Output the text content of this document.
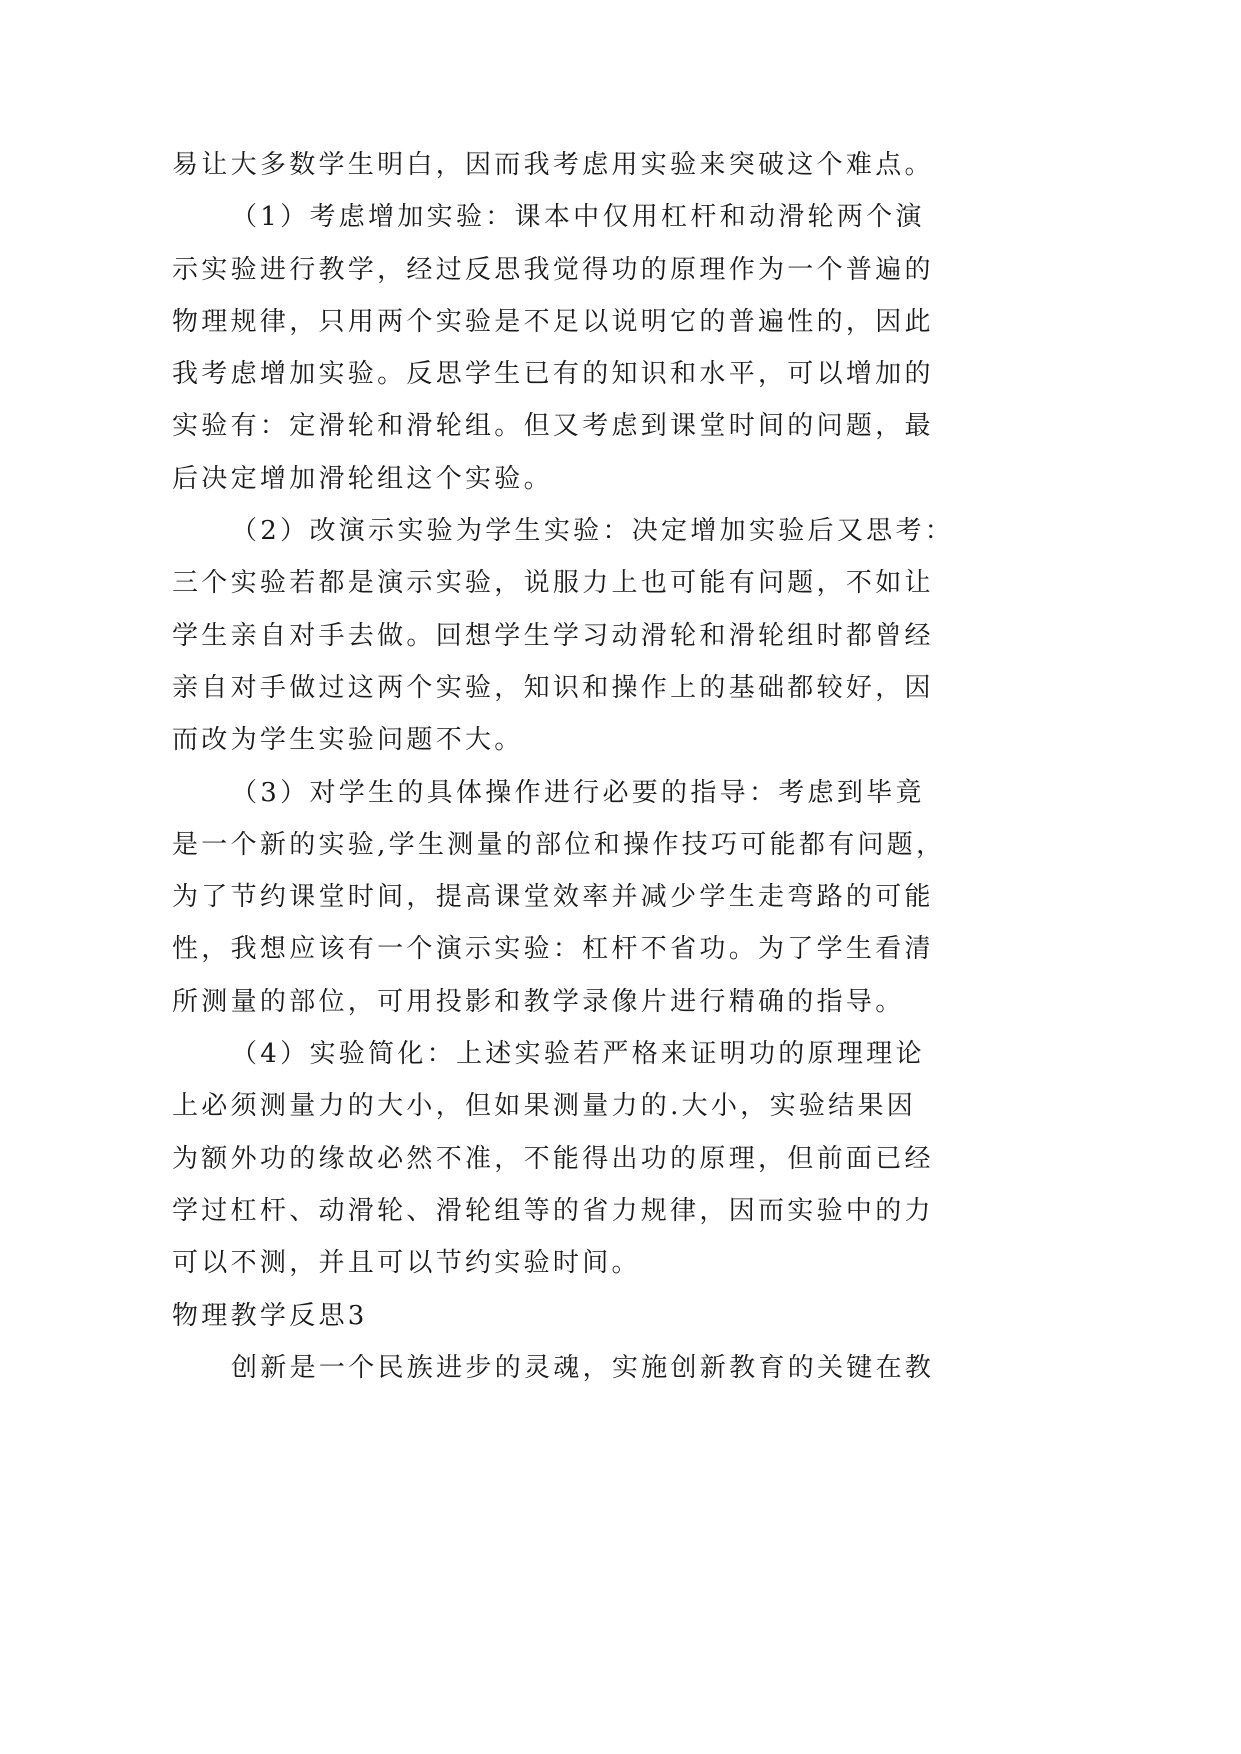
易让大多数学生明白，因而我考虑用实验来突破这个难点。
（1）考虑增加实验：课本中仅用杠杆和动滑轮两个演
示实验进行教学，经过反思我觉得功的原理作为一个普遍的
物理规律，只用两个实验是不足以说明它的普遍性的，因此
我考虑增加实验。反思学生已有的知识和水平，可以增加的
实验有：定滑轮和滑轮组。但又考虑到课堂时间的问题，最
后决定增加滑轮组这个实验。
（2）改演示实验为学生实验：决定增加实验后又思考：
三个实验若都是演示实验，说服力上也可能有问题，不如让
学生亲自对手去做。回想学生学习动滑轮和滑轮组时都曾经
亲自对手做过这两个实验，知识和操作上的基础都较好，因
而改为学生实验问题不大。
（3）对学生的具体操作进行必要的指导：考虑到毕竟
是一个新的实验,学生测量的部位和操作技巧可能都有问题，
为了节约课堂时间，提高课堂效率并减少学生走弯路的可能
性，我想应该有一个演示实验：杠杆不省功。为了学生看清
所测量的部位，可用投影和教学录像片进行精确的指导。
（4）实验简化：上述实验若严格来证明功的原理理论
上必须测量力的大小，但如果测量力的.大小，实验结果因
为额外功的缘故必然不准，不能得出功的原理，但前面已经
学过杠杆、动滑轮、滑轮组等的省力规律，因而实验中的力
可以不测，并且可以节约实验时间。
物理教学反思3
创新是一个民族进步的灵魂，实施创新教育的关键在教
